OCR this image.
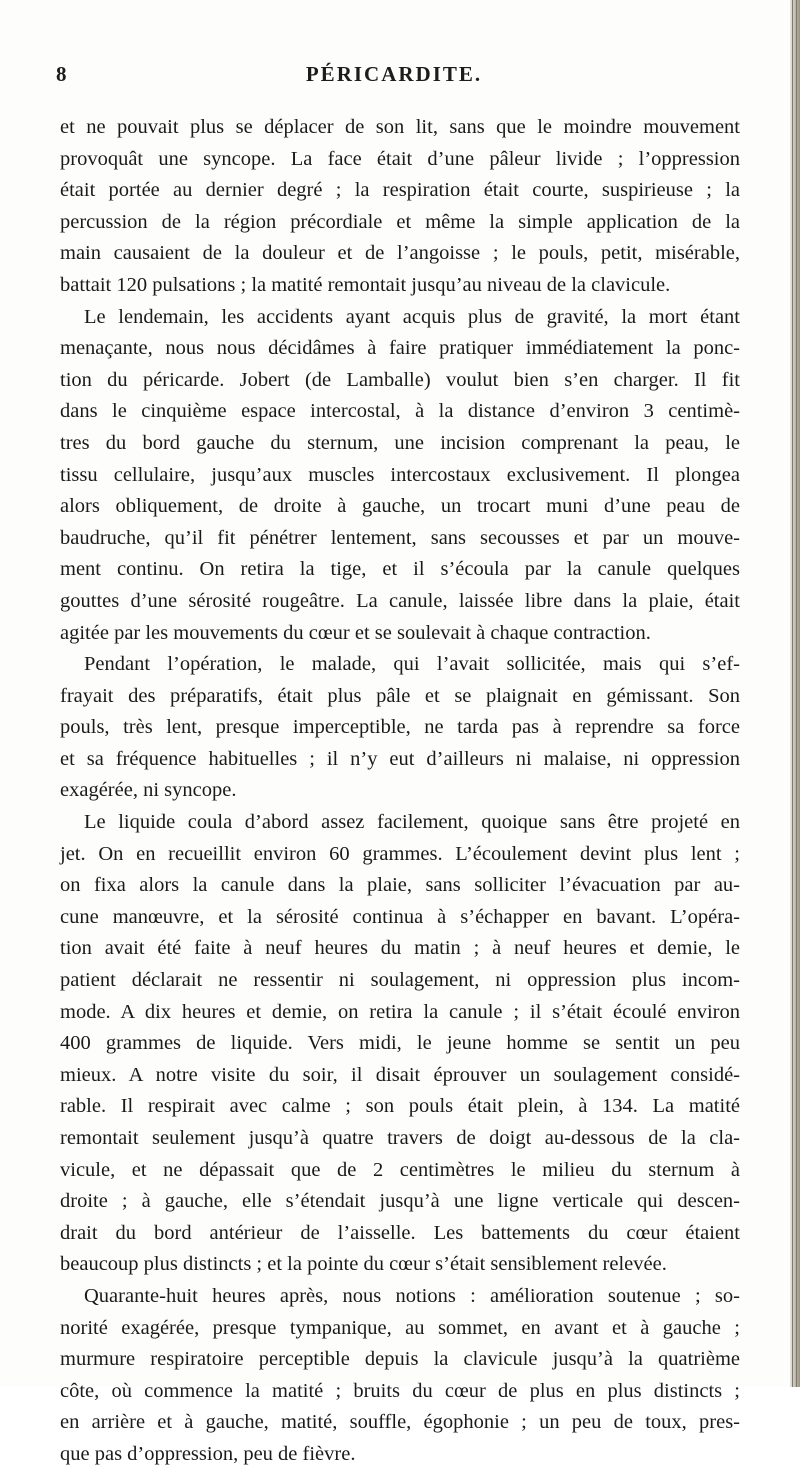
8	PÉRICARDITE.
et ne pouvait plus se déplacer de son lit, sans que le moindre mouvement
provoquât une syncope. La face était d’une pâleur livide ; l’oppression
était portée au dernier degré ; la respiration était courte, suspirieuse ; la
percussion de la région précordiale et même la simple application de la
main causaient de la douleur et de l’angoisse ; le pouls, petit, misérable,
battait 120 pulsations ; la matité remontait jusqu’au niveau de la clavicule.
Le lendemain, les accidents ayant acquis plus de gravité, la mort étant
menaçante, nous nous décidâmes à faire pratiquer immédiatement la ponc-
tion du péricarde. Jobert (de Lamballe) voulut bien s’en charger. Il fit
dans le cinquième espace intercostal, à la distance d’environ 3 centimè-
tres du bord gauche du sternum, une incision comprenant la peau, le
tissu cellulaire, jusqu’aux muscles intercostaux exclusivement. Il plongea
alors obliquement, de droite à gauche, un trocart muni d’une peau de
baudruche, qu’il fit pénétrer lentement, sans secousses et par un mouve-
ment continu. On retira la tige, et il s’écoula par la canule quelques
gouttes d’une sérosité rougeâtre. La canule, laissée libre dans la plaie, était
agitée par les mouvements du cœur et se soulevait à chaque contraction.
Pendant l’opération, le malade, qui l’avait sollicitée, mais qui s’ef-
frayait des préparatifs, était plus pâle et se plaignait en gémissant. Son
pouls, très lent, presque imperceptible, ne tarda pas à reprendre sa force
et sa fréquence habituelles ; il n’y eut d’ailleurs ni malaise, ni oppression
exagérée, ni syncope.
Le liquide coula d’abord assez facilement, quoique sans être projeté en
jet. On en recueillit environ 60 grammes. L’écoulement devint plus lent ;
on fixa alors la canule dans la plaie, sans solliciter l’évacuation par au-
cune manœuvre, et la sérosité continua à s’échapper en bavant. L’opéra-
tion avait été faite à neuf heures du matin ; à neuf heures et demie, le
patient déclarait ne ressentir ni soulagement, ni oppression plus incom-
mode. A dix heures et demie, on retira la canule ; il s’était écoulé environ
400 grammes de liquide. Vers midi, le jeune homme se sentit un peu
mieux. A notre visite du soir, il disait éprouver un soulagement considé-
rable. Il respirait avec calme ; son pouls était plein, à 134. La matité
remontait seulement jusqu’à quatre travers de doigt au-dessous de la cla-
vicule, et ne dépassait que de 2 centimètres le milieu du sternum à
droite ; à gauche, elle s’étendait jusqu’à une ligne verticale qui descen-
drait du bord antérieur de l’aisselle. Les battements du cœur étaient
beaucoup plus distincts ; et la pointe du cœur s’était sensiblement relevée.
Quarante-huit heures après, nous notions : amélioration soutenue ; so-
norité exagérée, presque tympanique, au sommet, en avant et à gauche ;
murmure respiratoire perceptible depuis la clavicule jusqu’à la quatrième
côte, où commence la matité ; bruits du cœur de plus en plus distincts ;
en arrière et à gauche, matité, souffle, égophonie ; un peu de toux, pres-
que pas d’oppression, peu de fièvre.
